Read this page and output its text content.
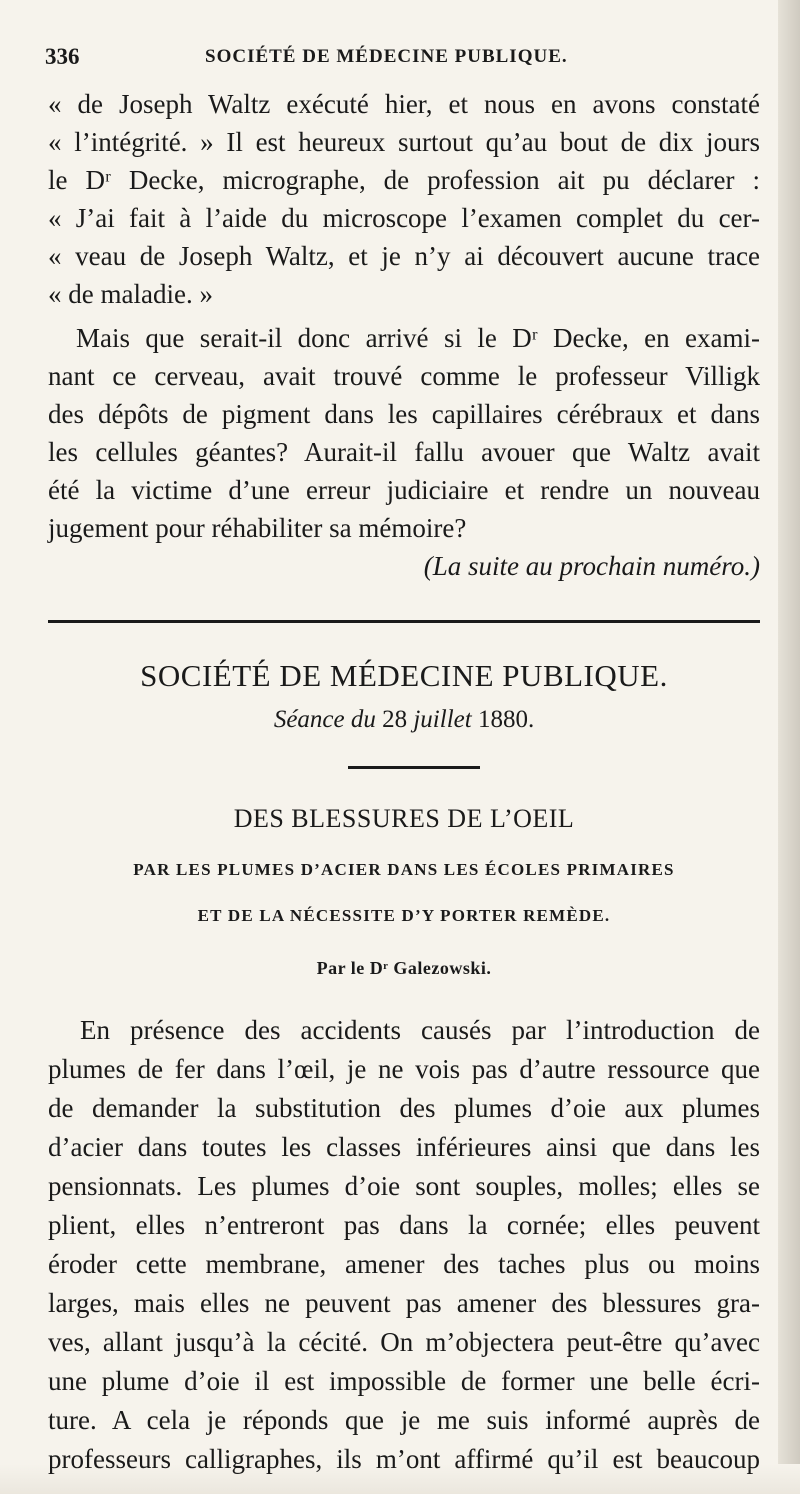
336	SOCIÉTÉ DE MÉDECINE PUBLIQUE.
« de Joseph Waltz exécuté hier, et nous en avons constaté
« l’intégrité. » Il est heureux surtout qu’au bout de dix jours
le Dʳ Decke, micrographe, de profession ait pu déclarer :
« J’ai fait à l’aide du microscope l’examen complet du cer-
« veau de Joseph Waltz, et je n’y ai découvert aucune trace
« de maladie. »
Mais que serait-il donc arrivé si le Dʳ Decke, en exami-
nant ce cerveau, avait trouvé comme le professeur Villigk
des dépôts de pigment dans les capillaires cérébraux et dans
les cellules géantes? Aurait-il fallu avouer que Waltz avait
été la victime d’une erreur judiciaire et rendre un nouveau
jugement pour réhabiliter sa mémoire?
(La suite au prochain numéro.)
SOCIÉTÉ DE MÉDECINE PUBLIQUE.
Séance du 28 juillet 1880.
DES BLESSURES DE L’OEIL
PAR LES PLUMES D’ACIER DANS LES ÉCOLES PRIMAIRES
ET DE LA NÉCESSITE D’Y PORTER REMÈDE.
Par le Dʳ Galezowski.
En présence des accidents causés par l’introduction de
plumes de fer dans l’œil, je ne vois pas d’autre ressource que
de demander la substitution des plumes d’oie aux plumes
d’acier dans toutes les classes inférieures ainsi que dans les
pensionnats. Les plumes d’oie sont souples, molles; elles se
plient, elles n’entreront pas dans la cornée; elles peuvent
éroder cette membrane, amener des taches plus ou moins
larges, mais elles ne peuvent pas amener des blessures gra-
ves, allant jusqu’à la cécité. On m’objectera peut-être qu’avec
une plume d’oie il est impossible de former une belle écri-
ture. A cela je réponds que je me suis informé auprès de
professeurs calligraphes, ils m’ont affirmé qu’il est beaucoup
